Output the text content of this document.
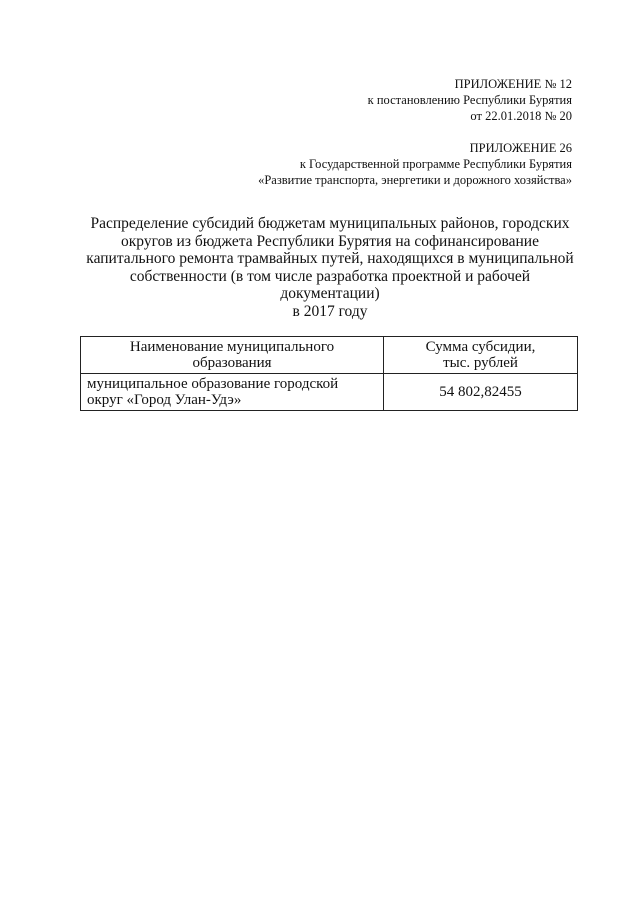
ПРИЛОЖЕНИЕ № 12
к постановлению Республики Бурятия
от 22.01.2018 № 20
ПРИЛОЖЕНИЕ 26
к Государственной программе Республики Бурятия
«Развитие транспорта, энергетики и дорожного хозяйства»
Распределение субсидий бюджетам муниципальных районов, городских
округов из бюджета Республики Бурятия на софинансирование
капитального ремонта трамвайных путей, находящихся в муниципальной
собственности (в том числе разработка проектной и рабочей
документации)
в 2017 году
Наименование муниципального
образования	Сумма субсидии,
тыс. рублей

муниципальное образование городской
округ «Город Улан-Удэ»	54 802,82455
